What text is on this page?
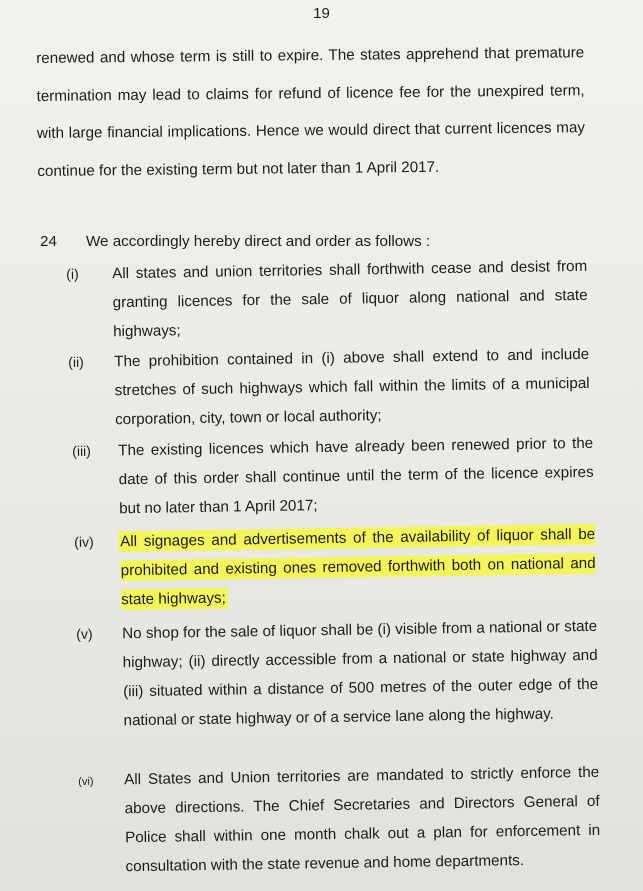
19
renewed and whose term is still to expire. The states apprehend that premature termination may lead to claims for refund of licence fee for the unexpired term, with large financial implications. Hence we would direct that current licences may continue for the existing term but not later than 1 April 2017.
24 We accordingly hereby direct and order as follows :
(i) All states and union territories shall forthwith cease and desist from granting licences for the sale of liquor along national and state highways;
(ii) The prohibition contained in (i) above shall extend to and include stretches of such highways which fall within the limits of a municipal corporation, city, town or local authority;
(iii) The existing licences which have already been renewed prior to the date of this order shall continue until the term of the licence expires but no later than 1 April 2017;
(iv) All signages and advertisements of the availability of liquor shall be prohibited and existing ones removed forthwith both on national and state highways;
(v) No shop for the sale of liquor shall be (i) visible from a national or state highway; (ii) directly accessible from a national or state highway and (iii) situated within a distance of 500 metres of the outer edge of the national or state highway or of a service lane along the highway.
(vi) All States and Union territories are mandated to strictly enforce the above directions. The Chief Secretaries and Directors General of Police shall within one month chalk out a plan for enforcement in consultation with the state revenue and home departments.
